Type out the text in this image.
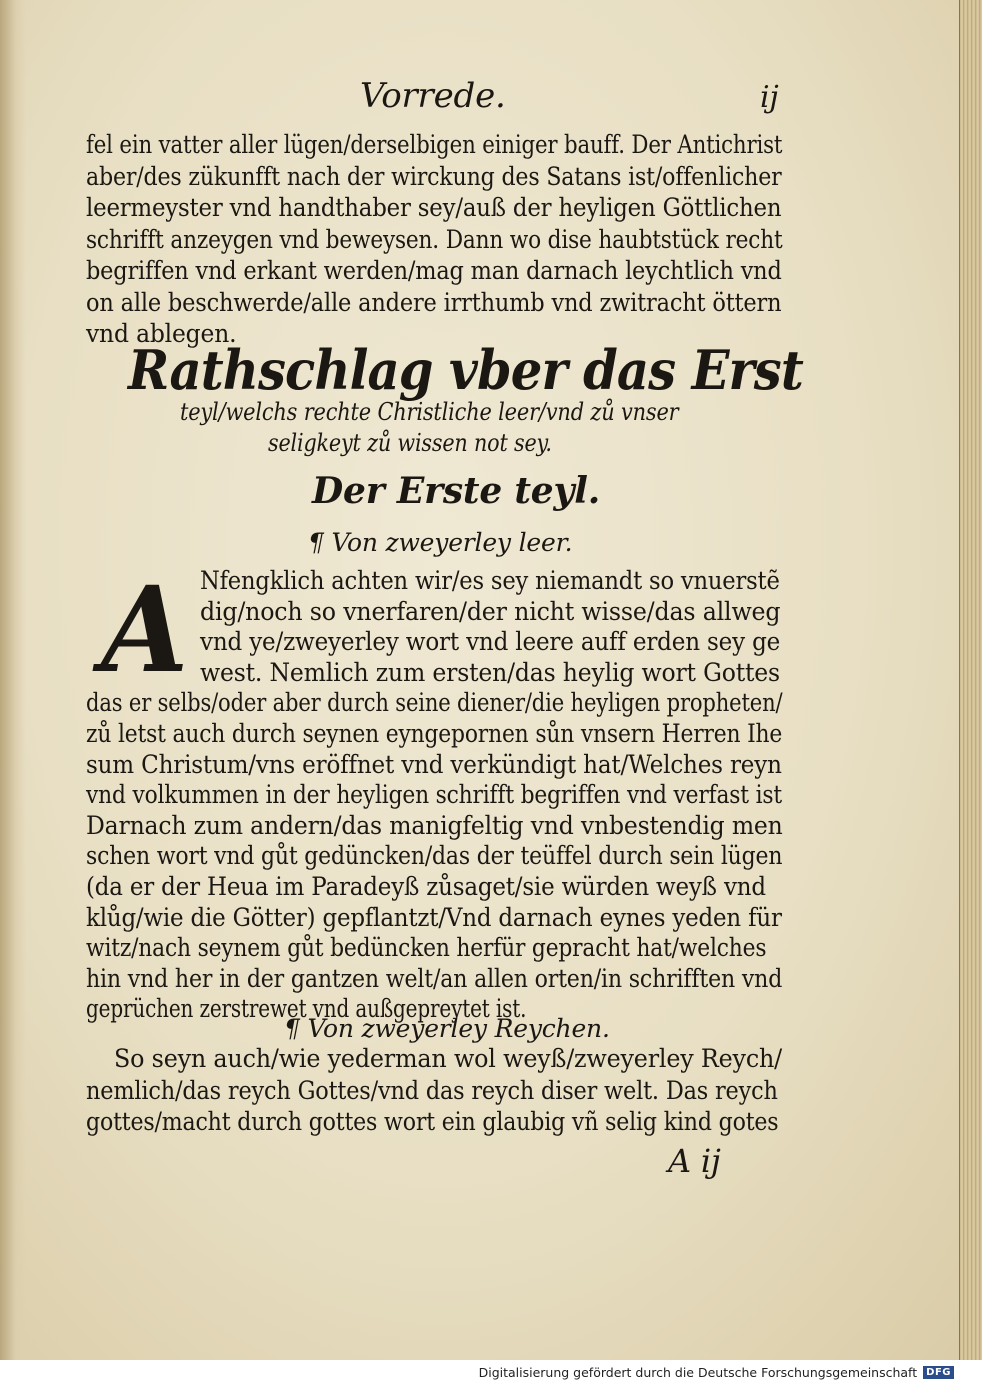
Vorrede.	ij
fel ein vatter aller lügen/derselbigen einiger bauff. Der Antichrist
aber/des zükunfft nach der wirckung des Satans ist/offenlicher
leermeyster vnd handthaber sey/auß der heyligen Göttlichen
schrifft anzeygen vnd beweysen. Dann wo dise haubtstück recht
begriffen vnd erkant werden/mag man darnach leychtlich vnd
on alle beschwerde/alle andere irrthumb vnd zwitracht öttern
vnd ablegen.
Rathschlag vber das Erst
teyl/welchs rechte Christliche leer/vnd zů vnser
seligkeyt zů wissen not sey.
Der Erste teyl.
¶ Von zweyerley leer.
A Nfengklich achten wir/es sey niemandt so vnuerstẽ
dig/noch so vnerfaren/der nicht wisse/das allweg
vnd ye/zweyerley wort vnd leere auff erden sey ge
west. Nemlich zum ersten/das heylig wort Gottes
das er selbs/oder aber durch seine diener/die heyligen propheten/
zů letst auch durch seynen eyngepornen sůn vnsern Herren Ihe
sum Christum/vns eröffnet vnd verkündigt hat/Welches reyn
vnd volkummen in der heyligen schrifft begriffen vnd verfast ist
Darnach zum andern/das manigfeltig vnd vnbestendig men
schen wort vnd gůt gedüncken/das der teüffel durch sein lügen
(da er der Heua im Paradeyß zůsaget/sie würden weyß vnd
klůg/wie die Götter) gepflantzt/Vnd darnach eynes yeden für
witz/nach seynem gůt bedüncken herfür gepracht hat/welches
hin vnd her in der gantzen welt/an allen orten/in schrifften vnd
geprüchen zerstrewet vnd außgepreytet ist.
¶ Von zweyerley Reychen.
So seyn auch/wie yederman wol weyß/zweyerley Reych/
nemlich/das reych Gottes/vnd das reych diser welt. Das reych
gottes/macht durch gottes wort ein glaubig vñ selig kind gotes
A ij
Digitalisierung gefördert durch die Deutsche Forschungsgemeinschaft DFG
